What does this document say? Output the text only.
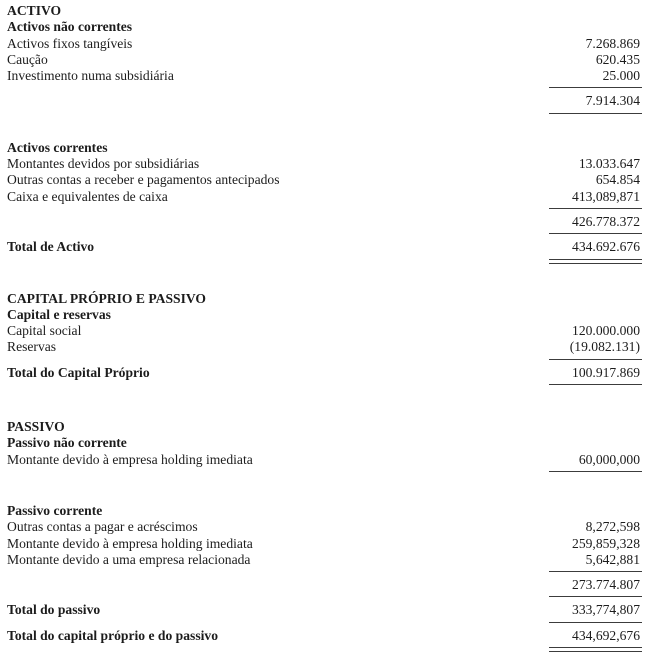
ACTIVO
Activos não correntes
Activos fixos tangíveis	7.268.869
Caução	620.435
Investimento numa subsidiária	25.000
7.914.304
Activos correntes
Montantes devidos por subsidiárias	13.033.647
Outras contas a receber e pagamentos antecipados	654.854
Caixa e equivalentes de caixa	413,089,871
426.778.372
Total de Activo	434.692.676
CAPITAL PRÓPRIO E PASSIVO
Capital e reservas
Capital social	120.000.000
Reservas	(19.082.131)
Total do Capital Próprio	100.917.869
PASSIVO
Passivo não corrente
Montante devido à empresa holding imediata	60,000,000
Passivo corrente
Outras contas a pagar e acréscimos	8,272,598
Montante devido à empresa holding imediata	259,859,328
Montante devido a uma empresa relacionada	5,642,881
273.774.807
Total do passivo	333,774,807
Total do capital próprio e do passivo	434,692,676
